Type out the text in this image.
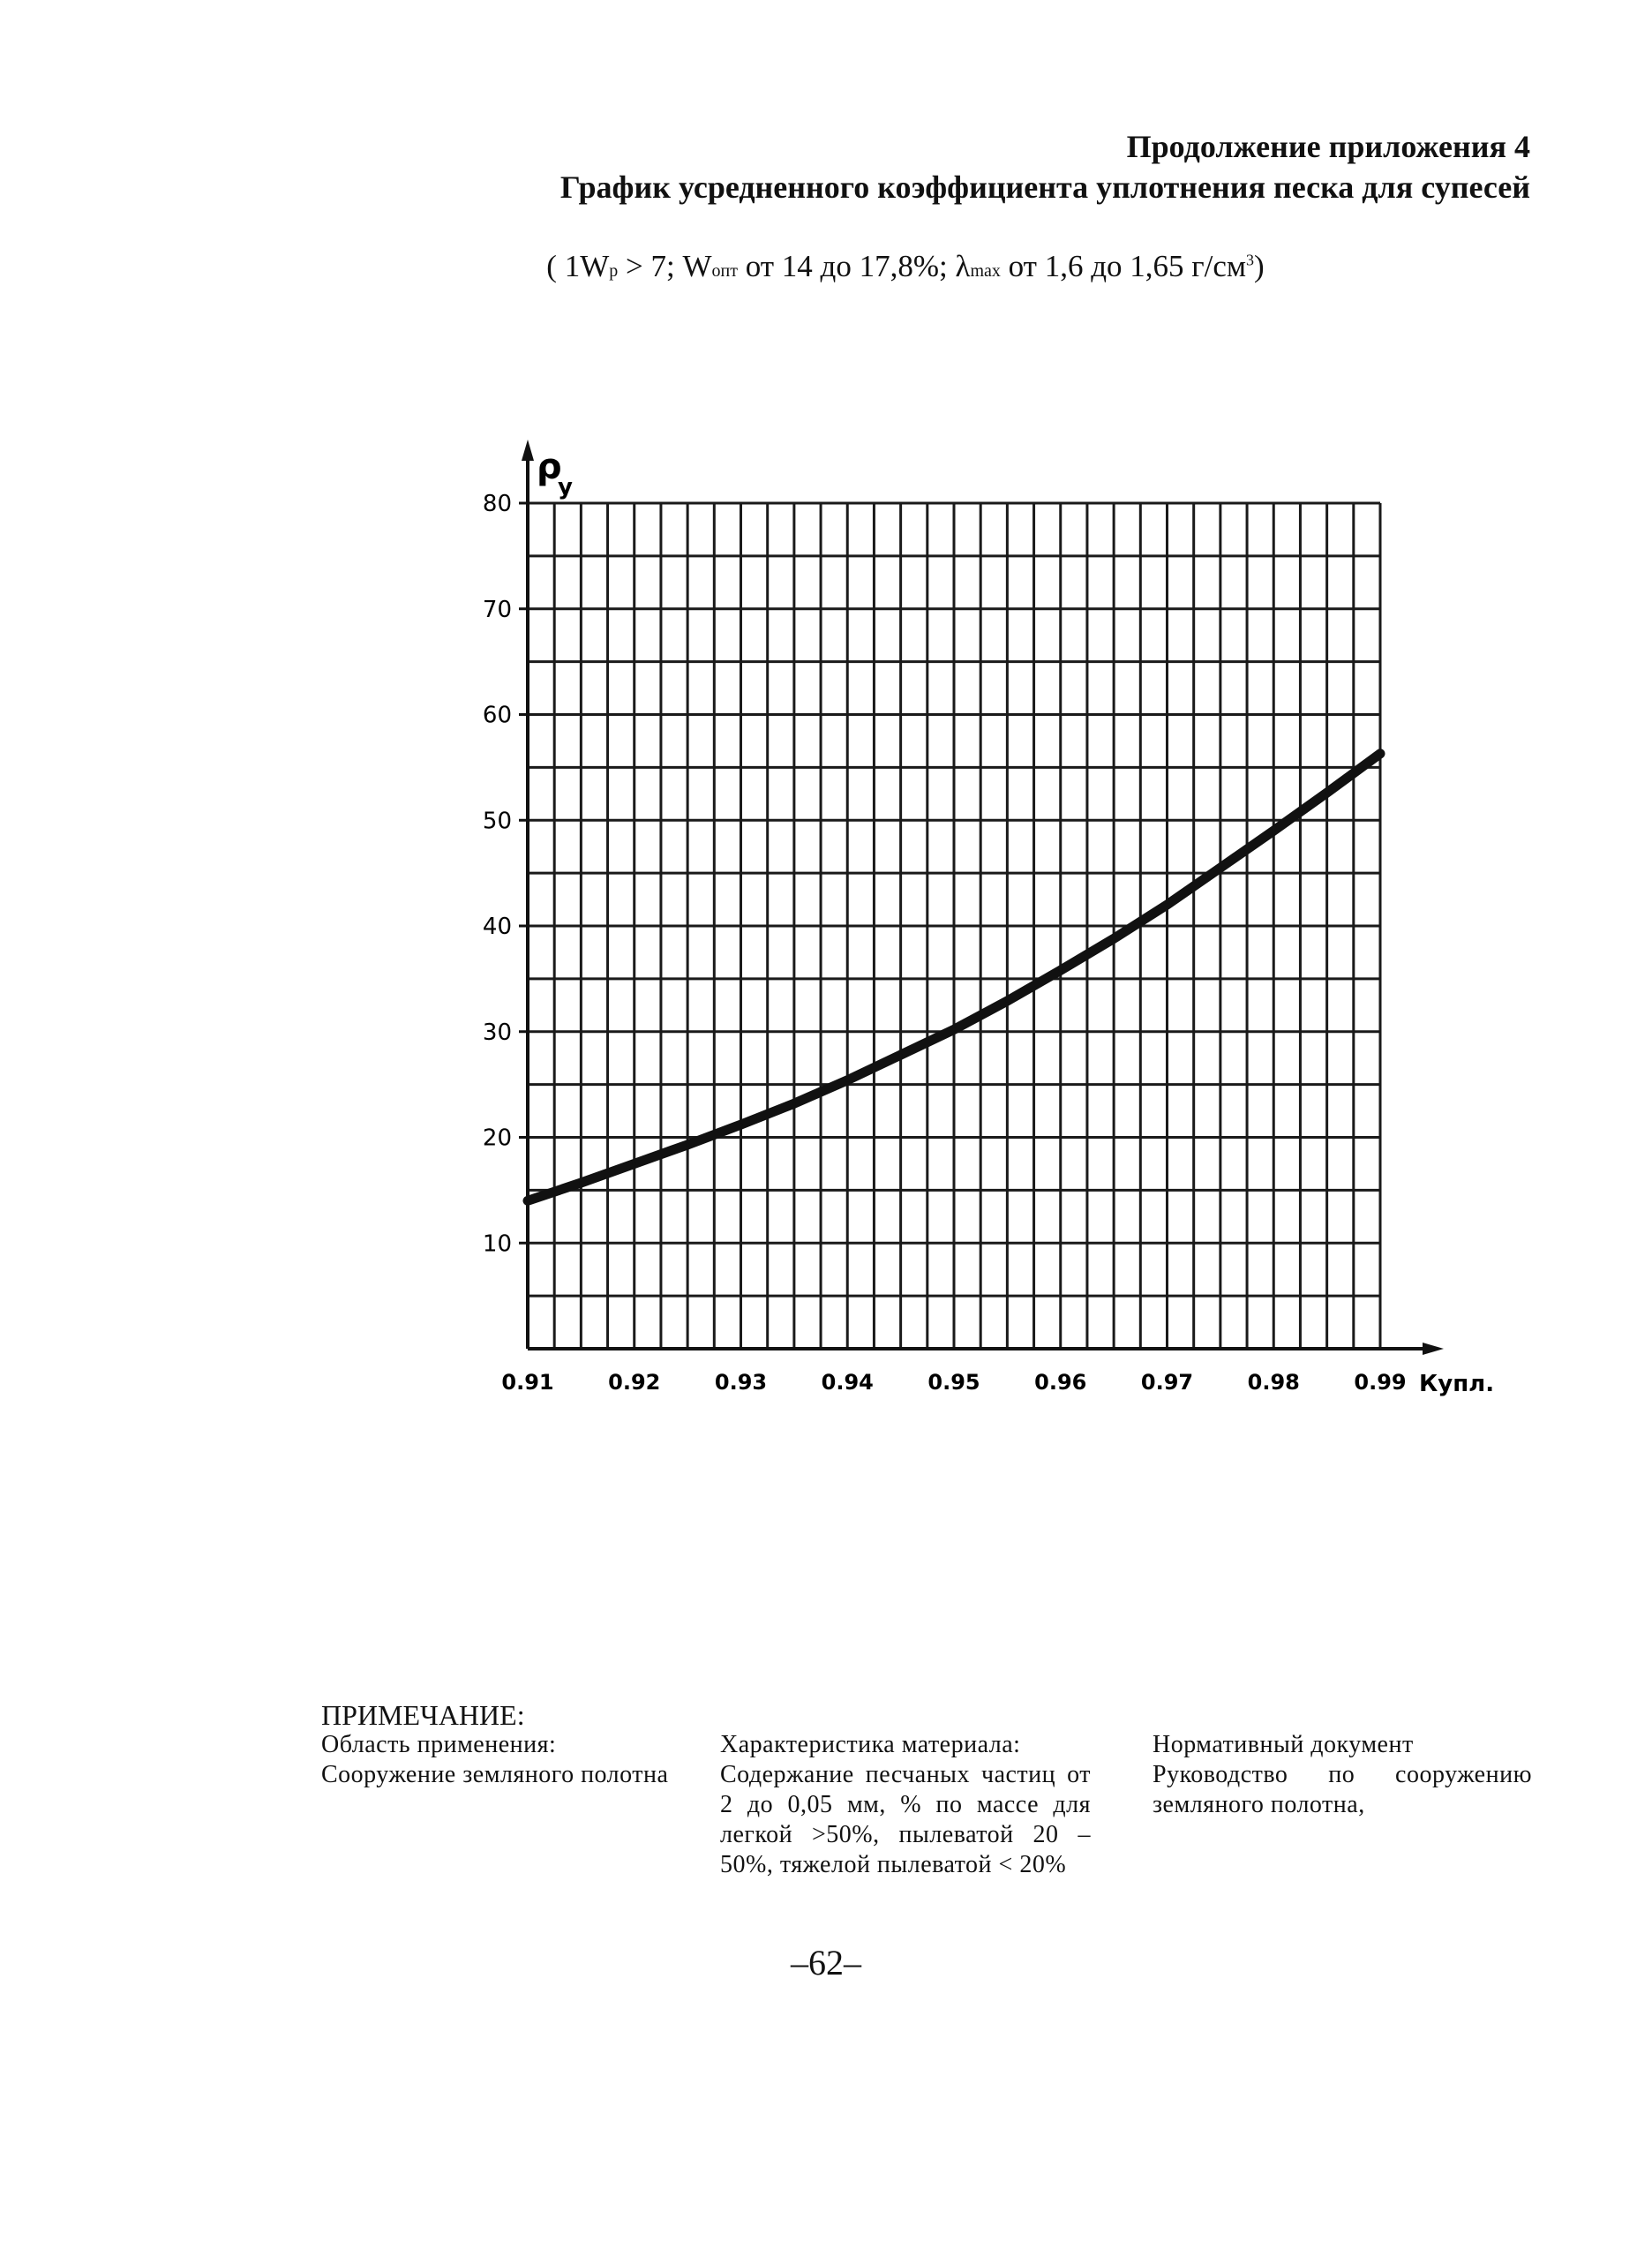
Продолжение приложения 4
График усредненного коэффициента уплотнения песка для супесей
( 1Wр > 7; Wопт от 14 до 17,8%; λmax от 1,6 до 1,65 $г/см^3$)
10
20
30
40
50
60
70
80
0.91	0.92	0.93	0.94	0.95	0.96	0.97	0.98	0.99 Купл.
ρ
у
ПРИМЕЧАНИЕ:
Область применения:
Сооружение земляного полотна
Характеристика материала:
Содержание песчаных частиц от 2 до 0,05 мм, % по массе для легкой >50%, пылеватой 20 – 50%, тяжелой пылеватой < 20%
Нормативный документ
Руководство по сооружению земляного полотна,
–62–
